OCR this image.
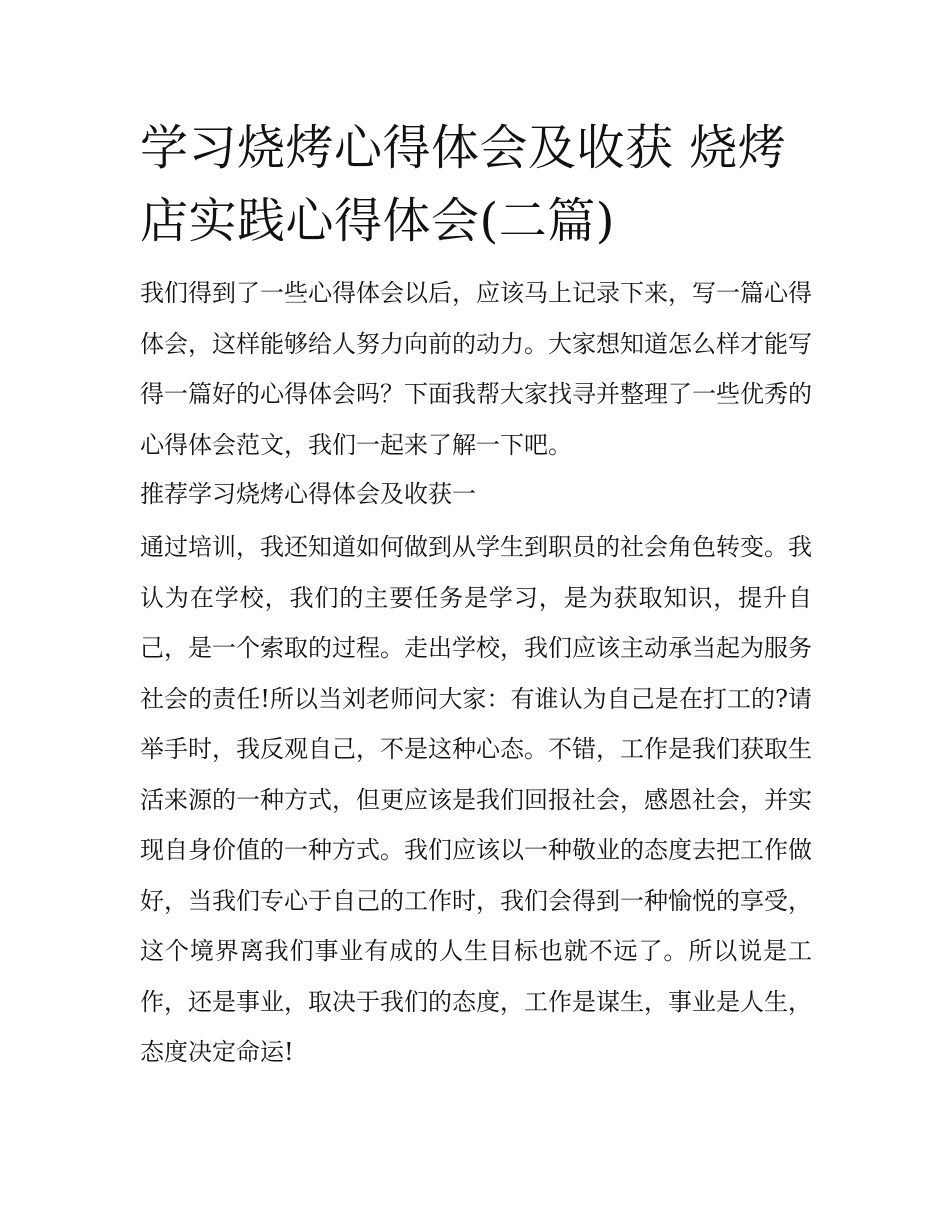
学习烧烤心得体会及收获 烧烤店实践心得体会(二篇)

我们得到了一些心得体会以后，应该马上记录下来，写一篇心得体会，这样能够给人努力向前的动力。大家想知道怎么样才能写得一篇好的心得体会吗？下面我帮大家找寻并整理了一些优秀的心得体会范文，我们一起来了解一下吧。

推荐学习烧烤心得体会及收获一

通过培训，我还知道如何做到从学生到职员的社会角色转变。我认为在学校，我们的主要任务是学习，是为获取知识，提升自己，是一个索取的过程。走出学校，我们应该主动承当起为服务社会的责任!所以当刘老师问大家：有谁认为自己是在打工的?请举手时，我反观自己，不是这种心态。不错，工作是我们获取生活来源的一种方式，但更应该是我们回报社会，感恩社会，并实现自身价值的一种方式。我们应该以一种敬业的态度去把工作做好，当我们专心于自己的工作时，我们会得到一种愉悦的享受，这个境界离我们事业有成的人生目标也就不远了。所以说是工作，还是事业，取决于我们的态度，工作是谋生，事业是人生，态度决定命运!
